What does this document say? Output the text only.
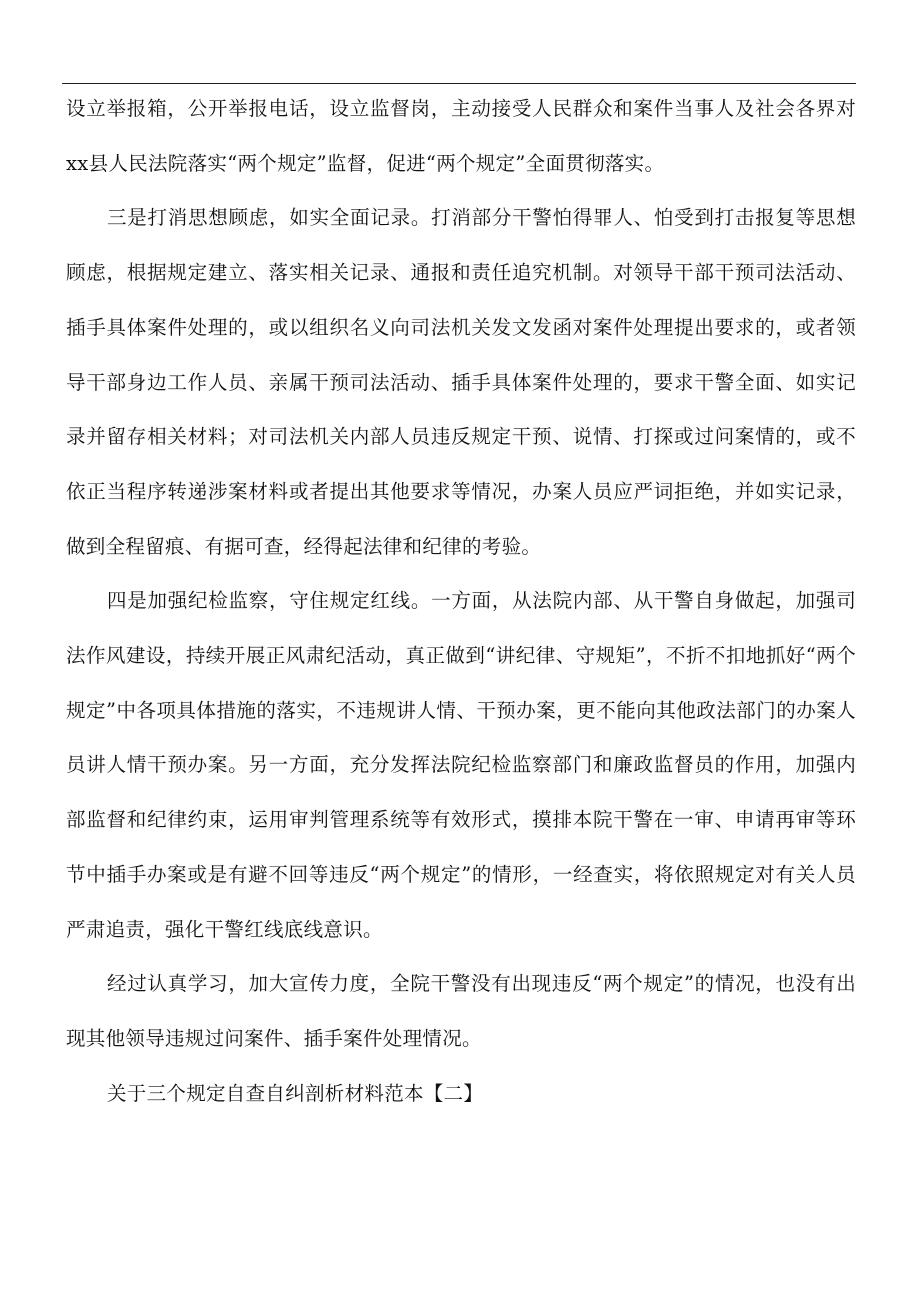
设立举报箱，公开举报电话，设立监督岗，主动接受人民群众和案件当事人及社会各界对xx县人民法院落实“两个规定”监督，促进“两个规定”全面贯彻落实。

三是打消思想顾虑，如实全面记录。打消部分干警怕得罪人、怕受到打击报复等思想顾虑，根据规定建立、落实相关记录、通报和责任追究机制。对领导干部干预司法活动、插手具体案件处理的，或以组织名义向司法机关发文发函对案件处理提出要求的，或者领导干部身边工作人员、亲属干预司法活动、插手具体案件处理的，要求干警全面、如实记录并留存相关材料；对司法机关内部人员违反规定干预、说情、打探或过问案情的，或不依正当程序转递涉案材料或者提出其他要求等情况，办案人员应严词拒绝，并如实记录，做到全程留痕、有据可查，经得起法律和纪律的考验。

四是加强纪检监察，守住规定红线。一方面，从法院内部、从干警自身做起，加强司法作风建设，持续开展正风肃纪活动，真正做到“讲纪律、守规矩”，不折不扣地抓好“两个规定”中各项具体措施的落实，不违规讲人情、干预办案，更不能向其他政法部门的办案人员讲人情干预办案。另一方面，充分发挥法院纪检监察部门和廉政监督员的作用，加强内部监督和纪律约束，运用审判管理系统等有效形式，摸排本院干警在一审、申请再审等环节中插手办案或是有避不回等违反“两个规定”的情形，一经查实，将依照规定对有关人员严肃追责，强化干警红线底线意识。

经过认真学习，加大宣传力度，全院干警没有出现违反“两个规定”的情况，也没有出现其他领导违规过问案件、插手案件处理情况。

关于三个规定自查自纠剖析材料范本【二】
